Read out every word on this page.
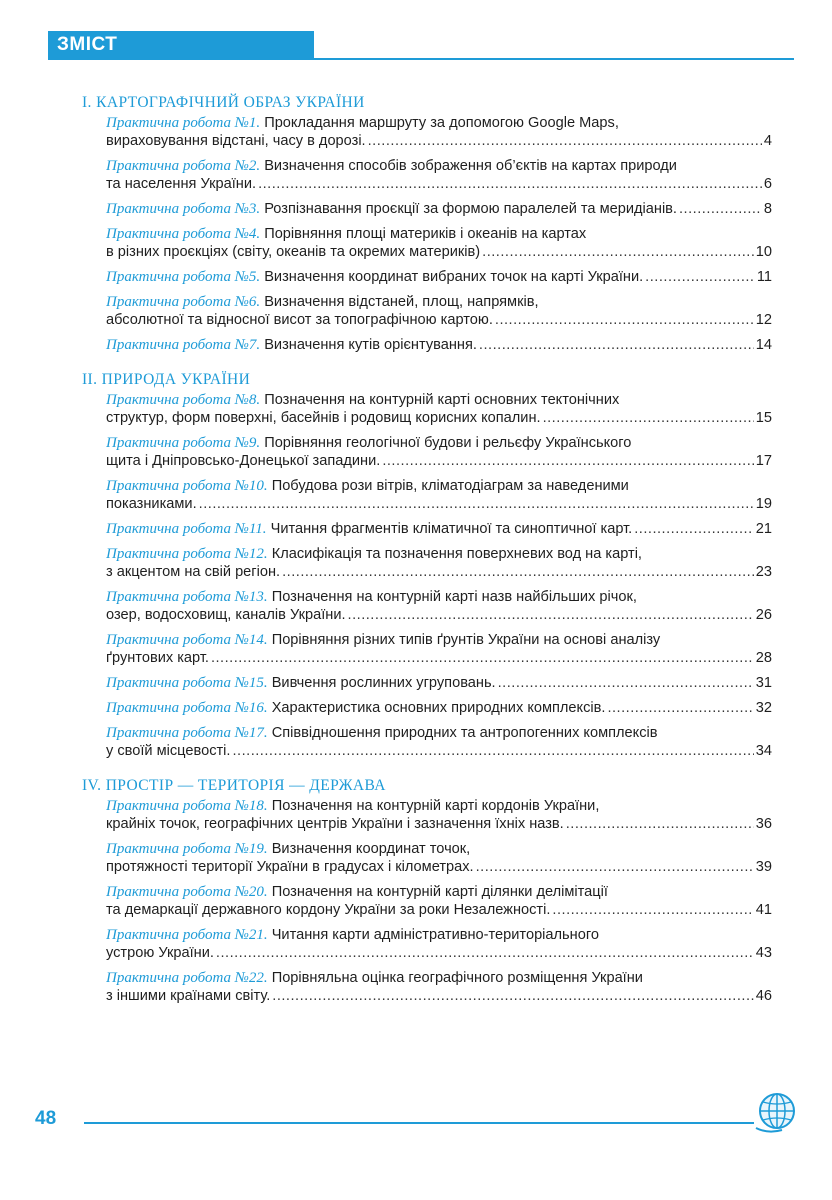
ЗМІСТ
І. КАРТОГРАФІЧНИЙ ОБРАЗ УКРАЇНИ
Практична робота №1. Прокладання маршруту за допомогою Google Maps,
вираховування відстані, часу в дорозі. .....	4
Практична робота №2. Визначення способів зображення об’єктів на картах природи
та населення України. .....	6
Практична робота №3. Розпізнавання проєкції за формою паралелей та меридіанів. .....	8
Практична робота №4. Порівняння площі материків і океанів на картах
в різних проєкціях (світу, океанів та окремих материків) .....	10
Практична робота №5. Визначення координат вибраних точок на карті України. .....	11
Практична робота №6. Визначення відстаней, площ, напрямків,
абсолютної та відносної висот за топографічною картою. .....	12
Практична робота №7. Визначення кутів орієнтування. .....	14
ІІ. ПРИРОДА УКРАЇНИ
Практична робота №8. Позначення на контурній карті основних тектонічних
структур, форм поверхні, басейнів і родовищ корисних копалин. .....	15
Практична робота №9. Порівняння геологічної будови і рельєфу Українського
щита і Дніпровсько-Донецької западини. .....	17
Практична робота №10. Побудова рози вітрів, кліматодіаграм за наведеними
показниками. .....	19
Практична робота №11. Читання фрагментів кліматичної та синоптичної карт. .....	21
Практична робота №12. Класифікація та позначення поверхневих вод на карті,
з акцентом на свій регіон. .....	23
Практична робота №13. Позначення на контурній карті назв найбільших річок,
озер, водосховищ, каналів України. .....	26
Практична робота №14. Порівняння різних типів ґрунтів України на основі аналізу
ґрунтових карт. .....	28
Практична робота №15. Вивчення рослинних угруповань. .....	31
Практична робота №16. Характеристика основних природних комплексів. .....	32
Практична робота №17. Співвідношення природних та антропогенних комплексів
у своїй місцевості. .....	34
IV. ПРОСТІР — ТЕРИТОРІЯ — ДЕРЖАВА
Практична робота №18. Позначення на контурній карті кордонів України,
крайніх точок, географічних центрів України і зазначення їхніх назв. .....	36
Практична робота №19. Визначення координат точок,
протяжності території України в градусах і кілометрах. .....	39
Практична робота №20. Позначення на контурній карті ділянки делімітації
та демаркації державного кордону України за роки Незалежності. .....	41
Практична робота №21. Читання карти адміністративно-територіального
устрою України. .....	43
Практична робота №22. Порівняльна оцінка географічного розміщення України
з іншими країнами світу. .....	46
48
